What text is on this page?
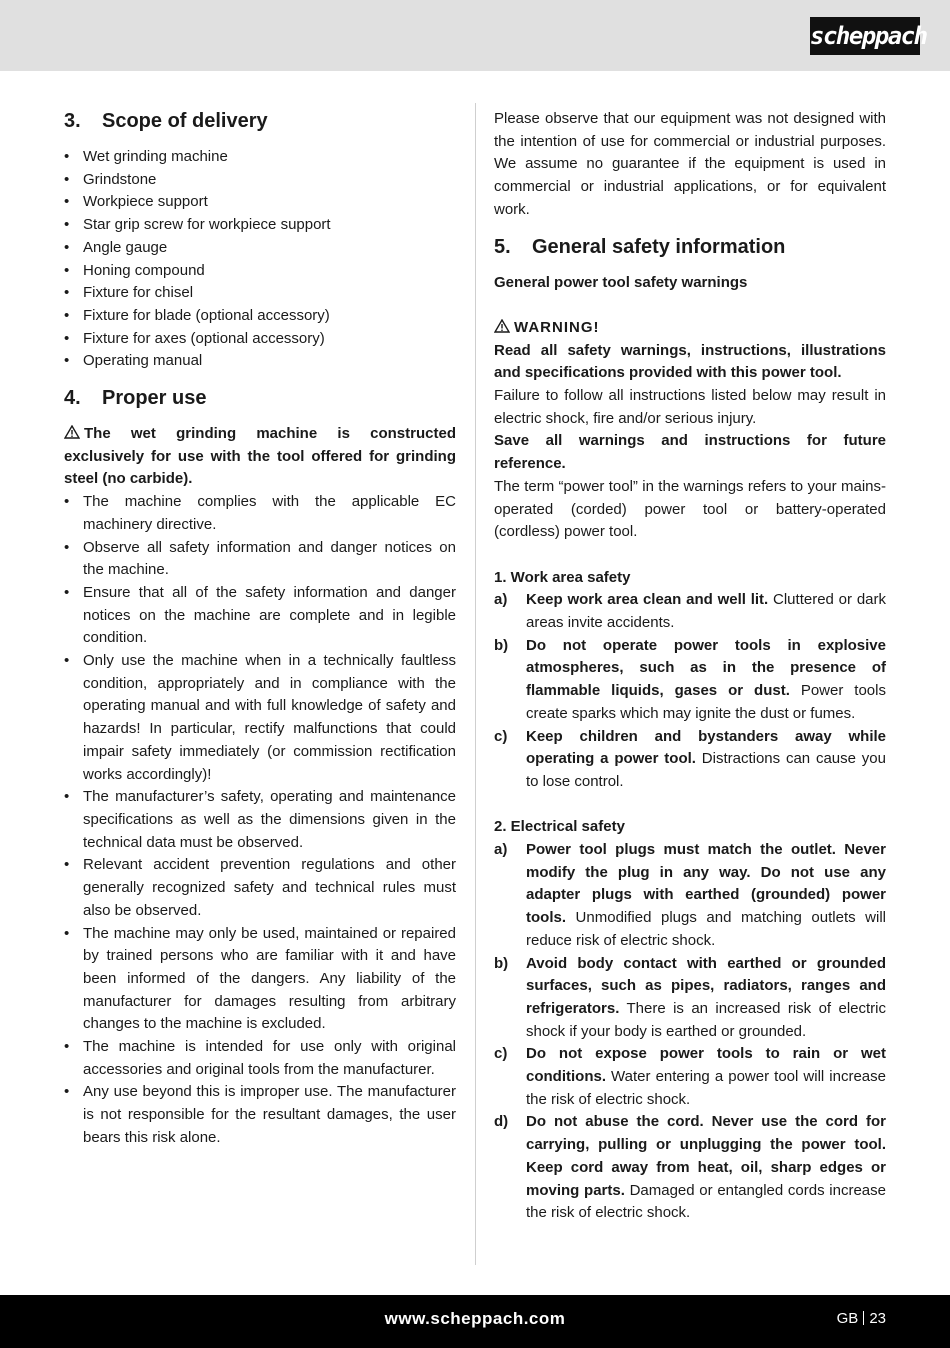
scheppach
3.	Scope of delivery
• Wet grinding machine
• Grindstone
• Workpiece support
• Star grip screw for workpiece support
• Angle gauge
• Honing compound
• Fixture for chisel
• Fixture for blade (optional accessory)
• Fixture for axes (optional accessory)
• Operating manual
4.	Proper use

The wet grinding machine is constructed exclusively for use with the tool offered for grinding steel (no carbide).

• The machine complies with the applicable EC machinery directive.
• Observe all safety information and danger notices on the machine.
• Ensure that all of the safety information and danger notices on the machine are complete and in legible condition.
• Only use the machine when in a technically faultless condition, appropriately and in compliance with the operating manual and with full knowledge of safety and hazards! In particular, rectify malfunctions that could impair safety immediately (or commission rectification works accordingly)!
• The manufacturer’s safety, operating and maintenance specifications as well as the dimensions given in the technical data must be observed.
• Relevant accident prevention regulations and other generally recognized safety and technical rules must also be observed.
• The machine may only be used, maintained or repaired by trained persons who are familiar with it and have been informed of the dangers. Any liability of the manufacturer for damages resulting from arbitrary changes to the machine is excluded.
• The machine is intended for use only with original accessories and original tools from the manufacturer.
• Any use beyond this is improper use. The manufacturer is not responsible for the resultant damages, the user bears this risk alone.

Please observe that our equipment was not designed with the intention of use for commercial or industrial purposes. We assume no guarantee if the equipment is used in commercial or industrial applications, or for equivalent work.

5.	General safety information

General power tool safety warnings

WARNING!

Read all safety warnings, instructions, illustrations and specifications provided with this power tool.

Failure to follow all instructions listed below may result in electric shock, fire and/or serious injury.

Save all warnings and instructions for future reference.

The term “power tool” in the warnings refers to your mains-operated (corded) power tool or battery-operated (cordless) power tool.

1. Work area safety

a)	Keep work area clean and well lit. Cluttered or dark areas invite accidents.
b)	Do not operate power tools in explosive atmospheres, such as in the presence of flammable liquids, gases or dust. Power tools create sparks which may ignite the dust or fumes.
c)	Keep children and bystanders away while operating a power tool. Distractions can cause you to lose control.

2. Electrical safety

a)	Power tool plugs must match the outlet. Never modify the plug in any way. Do not use any adapter plugs with earthed (grounded) power tools. Unmodified plugs and matching outlets will reduce risk of electric shock.
b)	Avoid body contact with earthed or grounded surfaces, such as pipes, radiators, ranges and refrigerators. There is an increased risk of electric shock if your body is earthed or grounded.
c)	Do not expose power tools to rain or wet conditions. Water entering a power tool will increase the risk of electric shock.
d)	Do not abuse the cord. Never use the cord for carrying, pulling or unplugging the power tool. Keep cord away from heat, oil, sharp edges or moving parts. Damaged or entangled cords increase the risk of electric shock.
www.scheppach.com	GB 23
